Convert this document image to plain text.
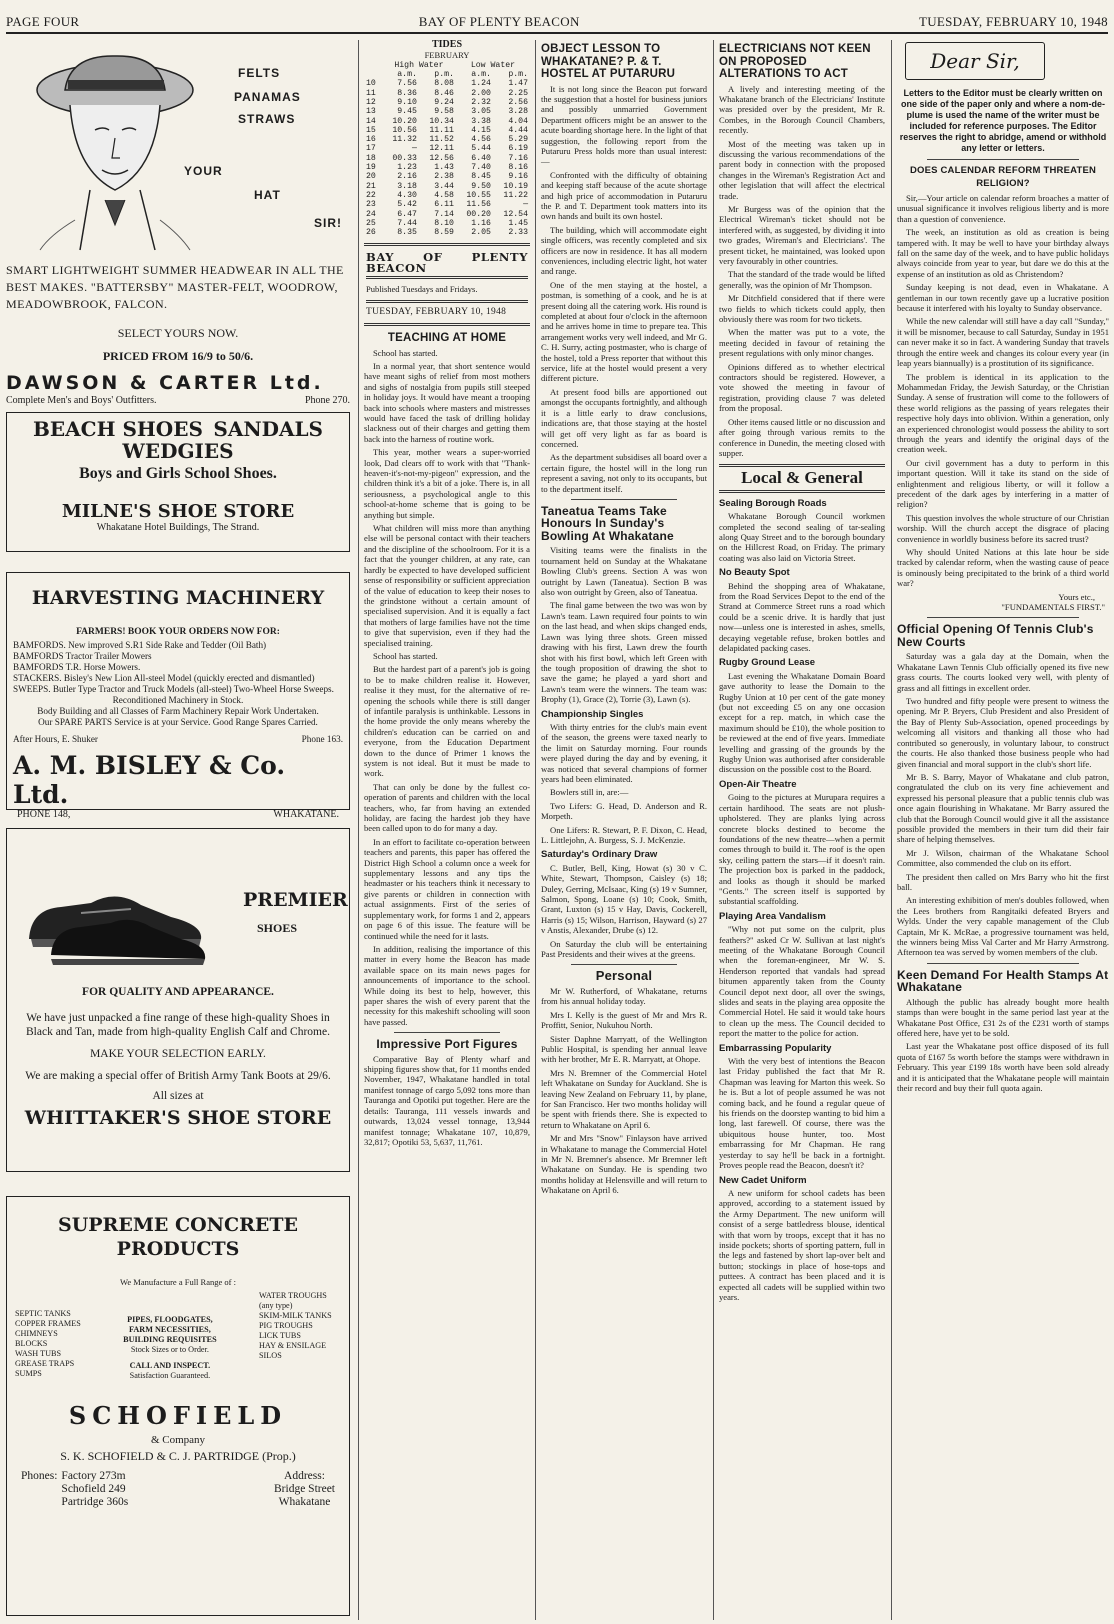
PAGE FOUR	BAY OF PLENTY BEACON	TUESDAY, FEBRUARY 10, 1948
FELTS
PANAMAS
STRAWS
YOUR
HAT
SIR!
SMART LIGHTWEIGHT SUMMER HEADWEAR IN ALL THE BEST MAKES. "BATTERSBY" MASTER-FELT, WOODROW, MEADOWBROOK, FALCON.
SELECT YOURS NOW.
PRICED FROM 16/9 to 50/6.
DAWSON & CARTER Ltd.
Complete Men's and Boys' Outfitters.	Phone 270.
BEACH SHOES SANDALS
WEDGIES
Boys and Girls School Shoes.
MILNE'S SHOE STORE
Whakatane Hotel Buildings, The Strand.
HARVESTING MACHINERY
FARMERS! BOOK YOUR ORDERS NOW FOR:
BAMFORDS. New improved S.R1 Side Rake and Tedder (Oil Bath)
BAMFORDS Tractor Trailer Mowers
BAMFORDS T.R. Horse Mowers.
STACKERS. Bisley's New Lion All-steel Model (quickly erected and dismantled)
SWEEPS. Butler Type Tractor and Truck Models (all-steel) Two-Wheel Horse Sweeps.
Reconditioned Machinery in Stock.
Body Building and all Classes of Farm Machinery Repair Work Undertaken.
Our SPARE PARTS Service is at your Service. Good Range Spares Carried.
After Hours, E. Shuker	Phone 163.
A. M. BISLEY & Co. Ltd.
PHONE 148,	WHAKATANE.
PREMIER
SHOES
FOR QUALITY AND APPEARANCE.
We have just unpacked a fine range of these high-quality Shoes in Black and Tan, made from high-quality English Calf and Chrome.
MAKE YOUR SELECTION EARLY.
We are making a special offer of British Army Tank Boots at 29/6.
All sizes at
WHITTAKER'S SHOE STORE
SUPREME CONCRETE PRODUCTS
We Manufacture a Full Range of :
SEPTIC TANKS
COPPER FRAMES
CHIMNEYS
BLOCKS
WASH TUBS
GREASE TRAPS
SUMPS
PIPES, FLOODGATES,
FARM NECESSITIES,
BUILDING REQUISITES
Stock Sizes or to Order.
CALL AND INSPECT.
Satisfaction Guaranteed.
WATER TROUGHS (any type)
SKIM-MILK TANKS
PIG TROUGHS
LICK TUBS
HAY & ENSILAGE SILOS
SCHOFIELD
& Company
S. K. SCHOFIELD & C. J. PARTRIDGE (Prop.)
Phones: Factory 273m
Schofield 249
Partridge 360s
Address:
Bridge Street
Whakatane
TIDES
FEBRUARY
	High Water		Low Water	
	a.m.	p.m.	a.m.	p.m.
10	7.56	8.08	1.24	1.47
11	8.36	8.46	2.00	2.25
12	9.10	9.24	2.32	2.56
13	9.45	9.58	3.05	3.28
14	10.20	10.34	3.38	4.04
15	10.56	11.11	4.15	4.44
16	11.32	11.52	4.56	5.29
17	—	12.11	5.44	6.19
18	00.33	12.56	6.40	7.16
19	1.23	1.43	7.40	8.16
20	2.16	2.38	8.45	9.16
21	3.18	3.44	9.50	10.19
22	4.30	4.58	10.55	11.22
23	5.42	6.11	11.56	—
24	6.47	7.14	00.20	12.54
25	7.44	8.10	1.16	1.45
26	8.35	8.59	2.05	2.33
BAY OF PLENTY BEACON
Published Tuesdays and Fridays.
TUESDAY, FEBRUARY 10, 1948
TEACHING AT HOME

School has started.

In a normal year, that short sentence would have meant sighs of relief from most mothers and sighs of nostalgia from pupils still steeped in holiday joys. It would have meant a trooping back into schools where masters and mistresses would have faced the task of drilling holiday slackness out of their charges and getting them back into the harness of routine work.

This year, mother wears a super-worried look, Dad clears off to work with that "Thank-heaven-it's-not-my-pigeon" expression, and the children think it's a bit of a joke. There is, in all seriousness, a psychological angle to this school-at-home scheme that is going to be anything but simple.

What children will miss more than anything else will be personal contact with their teachers and the discipline of the schoolroom. For it is a fact that the younger children, at any rate, can hardly be expected to have developed sufficient sense of responsibility or sufficient appreciation of the value of education to keep their noses to the grindstone without a certain amount of specialised supervision. And it is equally a fact that mothers of large families have not the time to give that supervision, even if they had the specialised training.

School has started.

But the hardest part of a parent's job is going to be to make children realise it. However, realise it they must, for the alternative of re-opening the schools while there is still danger of infantile paralysis is unthinkable. Lessons in the home provide the only means whereby the children's education can be carried on and everyone, from the Education Department down to the dunce of Primer 1 knows the system is not ideal. But it must be made to work.

That can only be done by the fullest co-operation of parents and children with the local teachers, who, far from having an extended holiday, are facing the hardest job they have been called upon to do for many a day.

In an effort to facilitate co-operation between teachers and parents, this paper has offered the District High School a column once a week for supplementary lessons and any tips the headmaster or his teachers think it necessary to give parents or children in connection with actual assignments. First of the series of supplementary work, for forms 1 and 2, appears on page 6 of this issue. The feature will be continued while the need for it lasts.

In addition, realising the importance of this matter in every home the Beacon has made available space on its main news pages for announcements of importance to the school. While doing its best to help, however, this paper shares the wish of every parent that the necessity for this makeshift schooling will soon have passed.

Impressive Port Figures

Comparative Bay of Plenty wharf and shipping figures show that, for 11 months ended November, 1947, Whakatane handled in total manifest tonnage of cargo 5,092 tons more than Tauranga and Opotiki put together. Here are the details: Tauranga, 111 vessels inwards and outwards, 13,024 vessel tonnage, 13,944 manifest tonnage; Whakatane 107, 10,879, 32,817; Opotiki 53, 5,637, 11,761.

OBJECT LESSON TO WHAKATANE? P. & T. HOSTEL AT PUTARURU

It is not long since the Beacon put forward the suggestion that a hostel for business juniors and possibly unmarried Government Department officers might be an answer to the acute boarding shortage here. In the light of that suggestion, the following report from the Putaruru Press holds more than usual interest:—

Confronted with the difficulty of obtaining and keeping staff because of the acute shortage and high price of accommodation in Putaruru the P. and T. Department took matters into its own hands and built its own hostel.

The building, which will accommodate eight single officers, was recently completed and six officers are now in residence. It has all modern conveniences, including electric light, hot water and range.

One of the men staying at the hostel, a postman, is something of a cook, and he is at present doing all the catering work. His round is completed at about four o'clock in the afternoon and he arrives home in time to prepare tea. This arrangement works very well indeed, and Mr G. C. H. Surry, acting postmaster, who is charge of the hostel, told a Press reporter that without this service, life at the hostel would present a very different picture.

At present food bills are apportioned out amongst the occupants fortnightly, and although it is a little early to draw conclusions, indications are, that those staying at the hostel will get off very light as far as board is concerned.

As the department subsidises all board over a certain figure, the hostel will in the long run represent a saving, not only to its occupants, but to the department itself.

Taneatua Teams Take Honours In Sunday's Bowling At Whakatane

Visiting teams were the finalists in the tournament held on Sunday at the Whakatane Bowling Club's greens. Section A was won outright by Lawn (Taneatua). Section B was also won outright by Green, also of Taneatua.

The final game between the two was won by Lawn's team. Lawn required four points to win on the last head, and when skips changed ends, Lawn was lying three shots. Green missed drawing with his first, Lawn drew the fourth shot with his first bowl, which left Green with the tough proposition of drawing the shot to save the game; he played a yard short and Lawn's team were the winners. The team was: Brophy (1), Grace (2), Torrie (3), Lawn (s).

Championship Singles

With thirty entries for the club's main event of the season, the greens were taxed nearly to the limit on Saturday morning. Four rounds were played during the day and by evening, it was noticed that several champions of former years had been eliminated.

Bowlers still in, are:—

Two Lifers: G. Head, D. Anderson and R. Morpeth.

One Lifers: R. Stewart, P. F. Dixon, C. Head, L. Littlejohn, A. Burgess, S. J. McKenzie.

Saturday's Ordinary Draw

C. Butler, Bell, King, Howat (s) 30 v C. White, Stewart, Thompson, Caisley (s) 18; Duley, Gerring, McIsaac, King (s) 19 v Sumner, Salmon, Spong, Loane (s) 10; Cook, Smith, Grant, Luxton (s) 15 v Hay, Davis, Cockerell, Harris (s) 15; Wilson, Harrison, Hayward (s) 27 v Anstis, Alexander, Drube (s) 12.

On Saturday the club will be entertaining Past Presidents and their wives at the greens.

Personal

Mr W. Rutherford, of Whakatane, returns from his annual holiday today.

Mrs I. Kelly is the guest of Mr and Mrs R. Proffitt, Senior, Nukuhou North.

Sister Daphne Marryatt, of the Wellington Public Hospital, is spending her annual leave with her brother, Mr E. R. Marryatt, at Ohope.

Mrs N. Bremner of the Commercial Hotel left Whakatane on Sunday for Auckland. She is leaving New Zealand on February 11, by plane, for San Francisco. Her two months holiday will be spent with friends there. She is expected to return to Whakatane on April 6.

Mr and Mrs "Snow" Finlayson have arrived in Whakatane to manage the Commercial Hotel in Mr N. Bremner's absence. Mr Bremner left Whakatane on Sunday. He is spending two months holiday at Helensville and will return to Whakatane on April 6.

ELECTRICIANS NOT KEEN ON PROPOSED ALTERATIONS TO ACT

A lively and interesting meeting of the Whakatane branch of the Electricians' Institute was presided over by the president, Mr R. Combes, in the Borough Council Chambers, recently.

Most of the meeting was taken up in discussing the various recommendations of the parent body in connection with the proposed changes in the Wireman's Registration Act and other legislation that will affect the electrical trade.

Mr Burgess was of the opinion that the Electrical Wireman's ticket should not be interfered with, as suggested, by dividing it into two grades, Wireman's and Electricians'. The present ticket, he maintained, was looked upon very favourably in other countries.

That the standard of the trade would be lifted generally, was the opinion of Mr Thompson.

Mr Ditchfield considered that if there were two fields to which tickets could apply, then obviously there was room for two tickets.

When the matter was put to a vote, the meeting decided in favour of retaining the present regulations with only minor changes.

Opinions differed as to whether electrical contractors should be registered. However, a vote showed the meeting in favour of registration, providing clause 7 was deleted from the proposal.

Other items caused little or no discussion and after going through various remits to the conference in Dunedin, the meeting closed with supper.

Local & General
Sealing Borough Roads

Whakatane Borough Council workmen completed the second sealing of tar-sealing along Quay Street and to the borough boundary on the Hillcrest Road, on Friday. The primary coating was also laid on Victoria Street.

No Beauty Spot

Behind the shopping area of Whakatane, from the Road Services Depot to the end of the Strand at Commerce Street runs a road which could be a scenic drive. It is hardly that just now—unless one is interested in ashes, smells, decaying vegetable refuse, broken bottles and delapidated packing cases.

Rugby Ground Lease

Last evening the Whakatane Domain Board gave authority to lease the Domain to the Rugby Union at 10 per cent of the gate money (but not exceeding £5 on any one occasion except for a rep. match, in which case the maximum should be £10), the whole position to be reviewed at the end of five years. Immediate levelling and grassing of the grounds by the Rugby Union was authorised after considerable discussion on the possible cost to the Board.

Open-Air Theatre

Going to the pictures at Murupara requires a certain hardihood. The seats are not plush-upholstered. They are planks lying across concrete blocks destined to become the foundations of the new theatre—when a permit comes through to build it. The roof is the open sky, ceiling pattern the stars—if it doesn't rain. The projection box is parked in the paddock, and looks as though it should be marked "Gents." The screen itself is supported by substantial scaffolding.

Playing Area Vandalism

"Why not put some on the culprit, plus feathers?" asked Cr W. Sullivan at last night's meeting of the Whakatane Borough Council when the foreman-engineer, Mr W. S. Henderson reported that vandals had spread bitumen apparently taken from the County Council depot next door, all over the swings, slides and seats in the playing area opposite the Commercial Hotel. He said it would take hours to clean up the mess. The Council decided to report the matter to the police for action.

Embarrassing Popularity

With the very best of intentions the Beacon last Friday published the fact that Mr R. Chapman was leaving for Marton this week. So he is. But a lot of people assumed he was not coming back, and he found a regular queue of his friends on the doorstep wanting to bid him a long, last farewell. Of course, there was the ubiquitous house hunter, too. Most embarrassing for Mr Chapman. He rang yesterday to say he'll be back in a fortnight. Proves people read the Beacon, doesn't it?

New Cadet Uniform

A new uniform for school cadets has been approved, according to a statement issued by the Army Department. The new uniform will consist of a serge battledress blouse, identical with that worn by troops, except that it has no inside pockets; shorts of sporting pattern, full in the legs and fastened by short lap-over belt and button; stockings in place of hose-tops and puttees. A contract has been placed and it is expected all cadets will be supplied within two years.

Dear Sir,
Letters to the Editor must be clearly written on one side of the paper only and where a nom-de-plume is used the name of the writer must be included for reference purposes. The Editor reserves the right to abridge, amend or withhold any letter or letters.
DOES CALENDAR REFORM THREATEN RELIGION?

Sir,—Your article on calendar reform broaches a matter of unusual significance it involves religious liberty and is more than a question of convenience.

The week, an institution as old as creation is being tampered with. It may be well to have your birthday always fall on the same day of the week, and to have public holidays always coincide from year to year, but dare we do this at the expense of an institution as old as Christendom?

Sunday keeping is not dead, even in Whakatane. A gentleman in our town recently gave up a lucrative position because it interfered with his loyalty to Sunday observance.

While the new calendar will still have a day call "Sunday," it will be misnomer, because to call Saturday, Sunday in 1951 can never make it so in fact. A wandering Sunday that travels through the entire week and changes its colour every year (in leap years biannually) is a prostitution of its significance.

The problem is identical in its application to the Mohammedan Friday, the Jewish Saturday, or the Christian Sunday. A sense of frustration will come to the followers of these world religions as the passing of years relegates their respective holy days into oblivion. Within a generation, only an experienced chronologist would possess the ability to sort through the years and identify the original days of the creation week.

Our civil government has a duty to perform in this important question. Will it take its stand on the side of enlightenment and religious liberty, or will it follow a precedent of the dark ages by interfering in a matter of religion?

This question involves the whole structure of our Christian worship. Will the church accept the disgrace of placing convenience in worldly business before its sacred trust?

Why should United Nations at this late hour be side tracked by calendar reform, when the wasting cause of peace is ominously being precipitated to the brink of a third world war?

Yours etc.,
"FUNDAMENTALS FIRST."
Official Opening Of Tennis Club's New Courts

Saturday was a gala day at the Domain, when the Whakatane Lawn Tennis Club officially opened its five new grass courts. The courts looked very well, with plenty of grass and all fittings in excellent order.

Two hundred and fifty people were present to witness the opening. Mr P. Bryers, Club President and also President of the Bay of Plenty Sub-Association, opened proceedings by welcoming all visitors and thanking all those who had contributed so generously, in voluntary labour, to construct the courts. He also thanked those business people who had given financial and moral support in the club's short life.

Mr B. S. Barry, Mayor of Whakatane and club patron, congratulated the club on its very fine achievement and expressed his personal pleasure that a public tennis club was once again flourishing in Whakatane. Mr Barry assured the club that the Borough Council would give it all the assistance possible provided the members in their turn did their fair share of helping themselves.

Mr J. Wilson, chairman of the Whakatane School Committee, also commended the club on its effort.

The president then called on Mrs Barry who hit the first ball.

An interesting exhibition of men's doubles followed, when the Lees brothers from Rangitaiki defeated Bryers and Wylds. Under the very capable management of the Club Captain, Mr K. McRae, a progressive tournament was held, the winners being Miss Val Carter and Mr Harry Armstrong. Afternoon tea was served by women members of the club.

Keen Demand For Health Stamps At Whakatane

Although the public has already bought more health stamps than were bought in the same period last year at the Whakatane Post Office, £31 2s of the £231 worth of stamps offered here, have yet to be sold.

Last year the Whakatane post office disposed of its full quota of £167 5s worth before the stamps were withdrawn in February. This year £199 18s worth have been sold already and it is anticipated that the Whakatane people will maintain their record and buy their full quota again.
